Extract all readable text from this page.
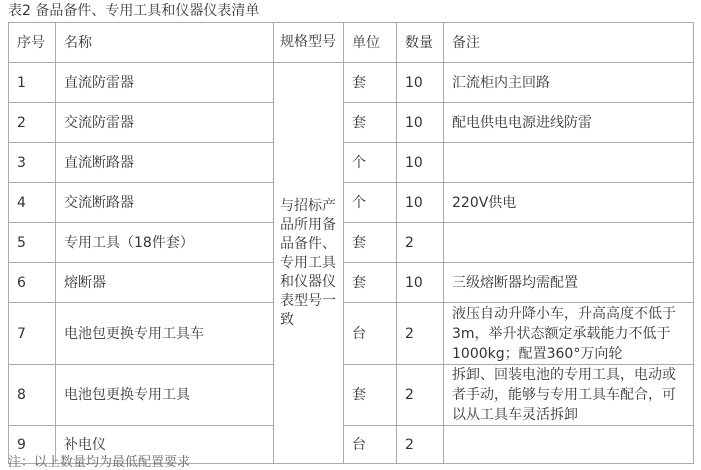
表2 备品备件、专用工具和仪器仪表清单
序号	名称	规格型号	单位	数量	备注
1	直流防雷器	与招标产品所用备品备件、专用工具和仪器仪表型号一致	套	10	汇流柜内主回路
2	交流防雷器		套	10	配电供电电源进线防雷
3	直流断路器		个	10	
4	交流断路器		个	10	220V供电
5	专用工具（18件套）		套	2	
6	熔断器		套	10	三级熔断器均需配置
7	电池包更换专用工具车		台	2	液压自动升降小车，升高高度不低于3m，举升状态额定承载能力不低于1000kg；配置360°万向轮
8	电池包更换专用工具		套	2	拆卸、回装电池的专用工具，电动或者手动，能够与专用工具车配合，可以从工具车灵活拆卸
9	补电仪		台	2	
注：以上数量均为最低配置要求
